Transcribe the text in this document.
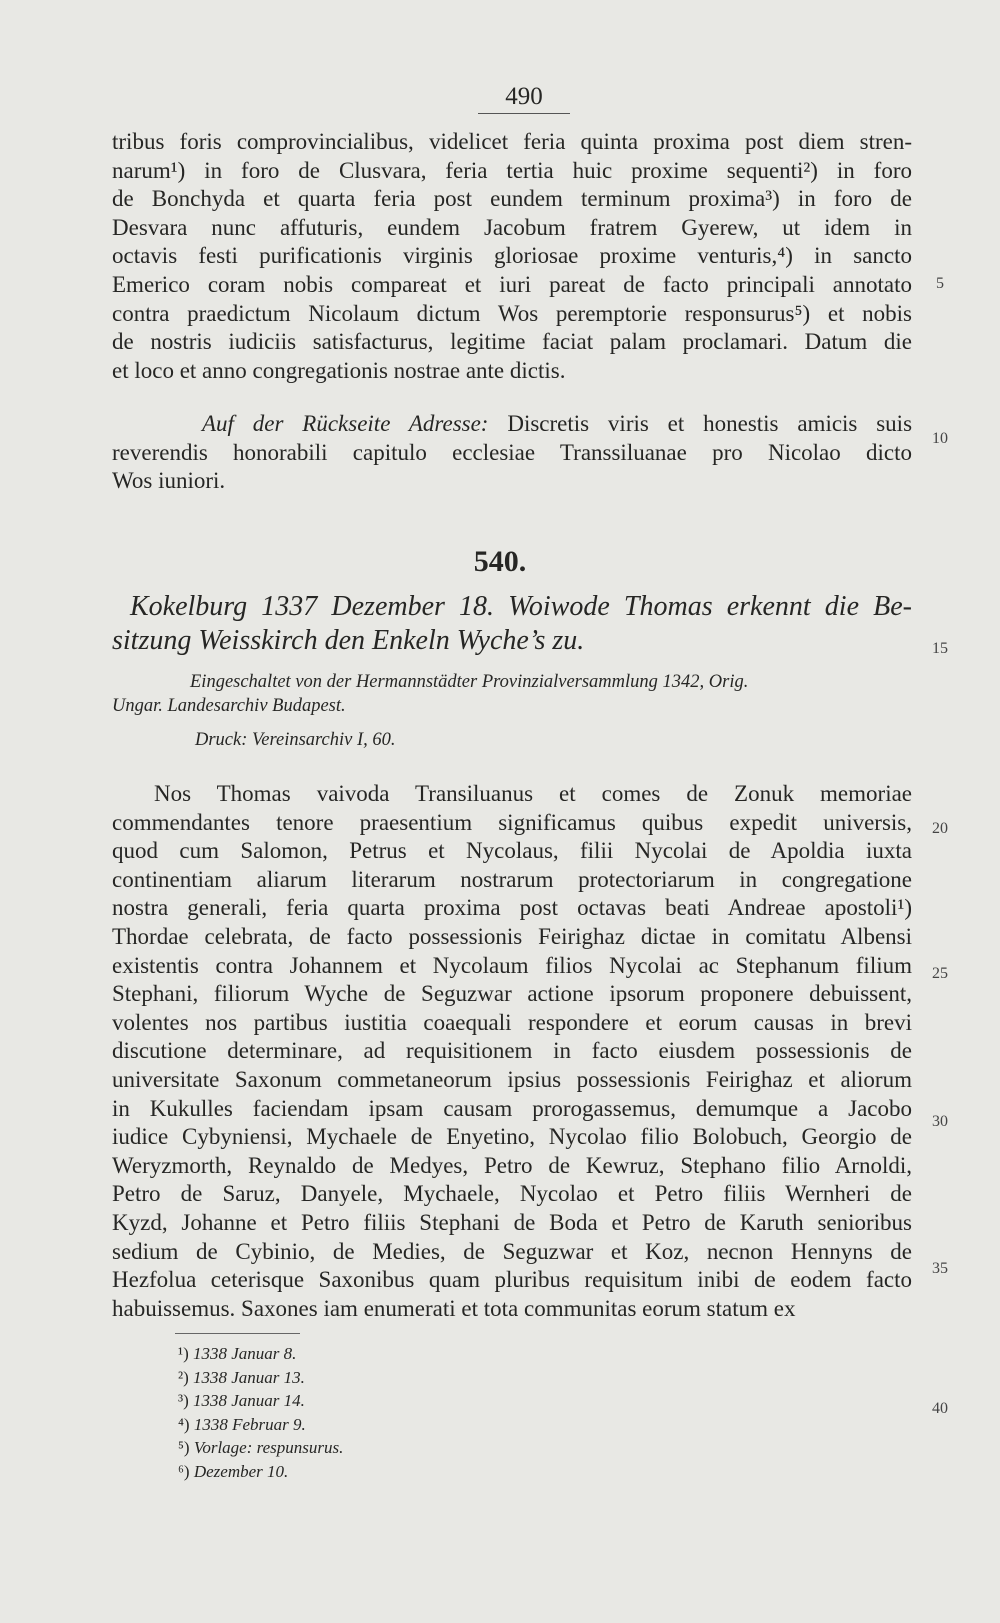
490

tribus foris comprovincialibus, videlicet feria quinta proxima post diem stren-
narum¹) in foro de Clusvara, feria tertia huic proxime sequenti²) in foro
de Bonchyda et quarta feria post eundem terminum proxima³) in foro de
Desvara nunc affuturis, eundem Jacobum fratrem Gyerew, ut idem in
octavis festi purificationis virginis gloriosae proxime venturis,⁴) in sancto
Emerico coram nobis compareat et iuri pareat de facto principali annotato
contra praedictum Nicolaum dictum Wos peremptorie responsurus⁵) et nobis
de nostris iudiciis satisfacturus, legitime faciat palam proclamari. Datum die
et loco et anno congregationis nostrae ante dictis.

Auf der Rückseite Adresse: Discretis viris et honestis amicis suis
reverendis honorabili capitulo ecclesiae Transsiluanae pro Nicolao dicto
Wos iuniori.

540.
Kokelburg 1337 Dezember 18. Woiwode Thomas erkennt die Be-
sitzung Weisskirch den Enkeln Wyche’s zu.
Eingeschaltet von der Hermannstädter Provinzialversammlung 1342, Orig.
Ungar. Landesarchiv Budapest.
Druck: Vereinsarchiv I, 60.

Nos Thomas vaivoda Transiluanus et comes de Zonuk memoriae
commendantes tenore praesentium significamus quibus expedit universis,
quod cum Salomon, Petrus et Nycolaus, filii Nycolai de Apoldia iuxta
continentiam aliarum literarum nostrarum protectoriarum in congregatione
nostra generali, feria quarta proxima post octavas beati Andreae apostoli¹)
Thordae celebrata, de facto possessionis Feirighaz dictae in comitatu Albensi
existentis contra Johannem et Nycolaum filios Nycolai ac Stephanum filium
Stephani, filiorum Wyche de Seguzwar actione ipsorum proponere debuissent,
volentes nos partibus iustitia coaequali respondere et eorum causas in brevi
discutione determinare, ad requisitionem in facto eiusdem possessionis de
universitate Saxonum commetaneorum ipsius possessionis Feirighaz et aliorum
in Kukulles faciendam ipsam causam prorogassemus, demumque a Jacobo
iudice Cybyniensi, Mychaele de Enyetino, Nycolao filio Bolobuch, Georgio de
Weryzmorth, Reynaldo de Medyes, Petro de Kewruz, Stephano filio Arnoldi,
Petro de Saruz, Danyele, Mychaele, Nycolao et Petro filiis Wernheri de
Kyzd, Johanne et Petro filiis Stephani de Boda et Petro de Karuth senioribus
sedium de Cybinio, de Medies, de Seguzwar et Koz, necnon Hennyns de
Hezfolua ceterisque Saxonibus quam pluribus requisitum inibi de eodem facto
habuissemus. Saxones iam enumerati et tota communitas eorum statum ex

¹) 1338 Januar 8.
²) 1338 Januar 13.
³) 1338 Januar 14.
⁴) 1338 Februar 9.
⁵) Vorlage: respunsurus.
⁶) Dezember 10.
5
10
15
20
25
30
35
40
